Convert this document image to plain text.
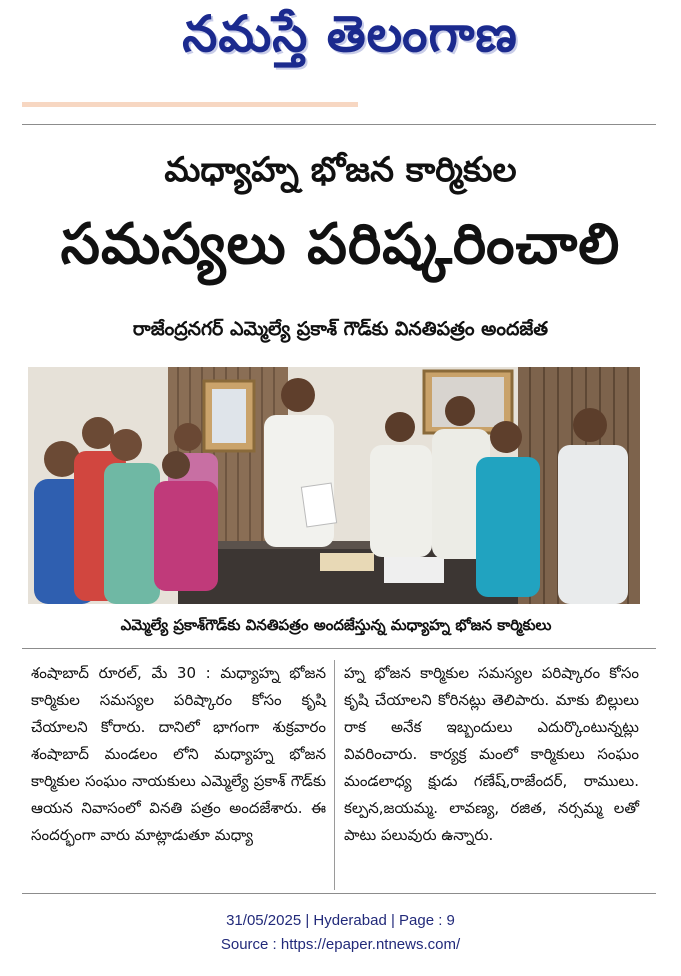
నమస్తే తెలంగాణ
మధ్యాహ్న భోజన కార్మికుల
సమస్యలు పరిష్కరించాలి
రాజేంద్రనగర్ ఎమ్మెల్యే ప్రకాశ్ గౌడ్‌కు వినతిపత్రం అందజేత
ఎమ్మెల్యే ప్రకాశ్‌గౌడ్‌కు వినతిపత్రం అందజేస్తున్న మధ్యాహ్న భోజన కార్మికులు
శంషాబాద్ రూరల్, మే 30 : మధ్యాహ్న భోజన కార్మికుల సమస్యల పరిష్కారం కోసం కృషి చేయాలని కోరారు. దానిలో భాగంగా శుక్రవారం శంషాబాద్ మండలం లోని మధ్యాహ్న భోజన కార్మికుల సంఘం నాయకులు ఎమ్మెల్యే ప్రకాశ్ గౌడ్‌కు ఆయన నివాసంలో వినతి పత్రం అందజేశారు. ఈ సందర్భంగా వారు మాట్లాడుతూ మధ్యా
హ్న భోజన కార్మికుల సమస్యల పరిష్కారం కోసం కృషి చేయాలని కోరినట్లు తెలిపారు. మాకు బిల్లులు రాక అనేక ఇబ్బందులు ఎదుర్కొంటున్నట్లు వివరించారు. కార్యక్ర మంలో కార్మికులు సంఘం మండలాధ్య క్షుడు గణేష్,రాజేందర్, రాములు. కల్పన,జయమ్మ. లావణ్య, రజిత, నర్సమ్మ లతో పాటు పలువురు ఉన్నారు.
31/05/2025 | Hyderabad | Page : 9
Source : https://epaper.ntnews.com/
